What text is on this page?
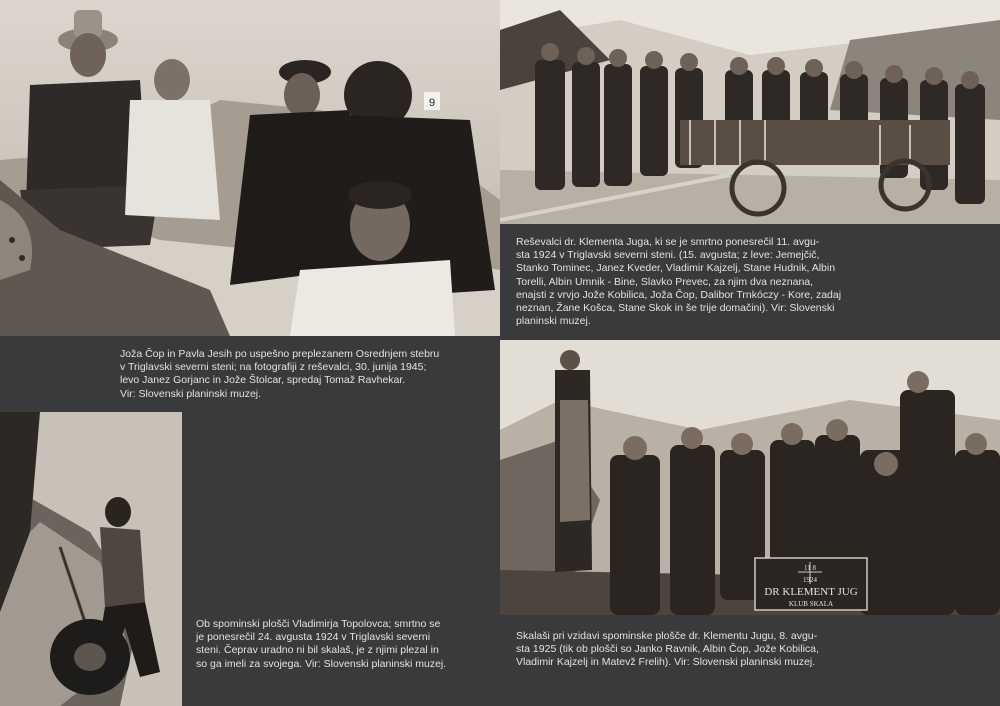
9
11 8
1924
DR KLEMENT JUG
KLUB SKALA
Joža Čop in Pavla Jesih po uspešno preplezanem Osrednjem stebru
v Triglavski severni steni; na fotografiji z reševalci, 30. junija 1945;
levo Janez Gorjanc in Jože Štolcar, spredaj Tomaž Ravhekar.
Vir: Slovenski planinski muzej.
Reševalci dr. Klementa Juga, ki se je smrtno ponesrečil 11. avgu-
sta 1924 v Triglavski severni steni. (15. avgusta; z leve: Jemejčič,
Stanko Tominec, Janez Kveder, Vladimir Kajzelj, Stane Hudnik, Albin
Torelli, Albin Umnik - Bine, Slavko Prevec, za njim dva neznana,
enajsti z vrvjo Jože Kobilica, Joža Čop, Dalibor Trnkóczy - Kore, zadaj
neznan, Žane Košca, Stane Skok in še trije domačini). Vir: Slovenski
planinski muzej.
Ob spominski plošči Vladimirja Topolovca; smrtno se
je ponesrečil 24. avgusta 1924 v Triglavski severni
steni. Čeprav uradno ni bil skalaš, je z njimi plezal in
so ga imeli za svojega. Vir: Slovenski planinski muzej.
Skalaši pri vzidavi spominske plošče dr. Klementu Jugu, 8. avgu-
sta 1925 (tik ob plošči so Janko Ravnik, Albin Čop, Jože Kobilica,
Vladimir Kajzelj in Matevž Frelih). Vir: Slovenski planinski muzej.
